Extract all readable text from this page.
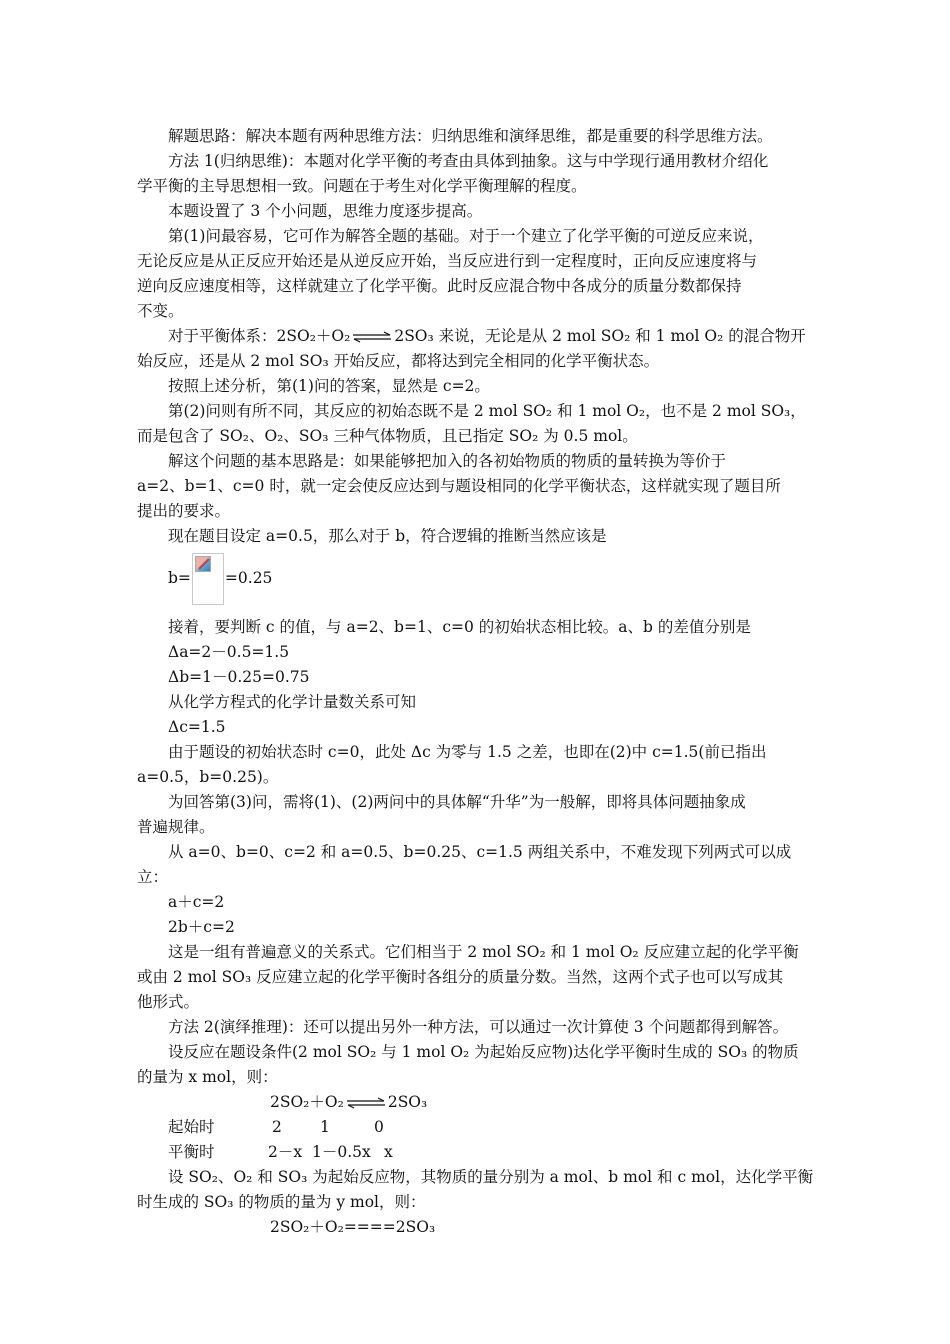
解题思路：解决本题有两种思维方法：归纳思维和演绎思维，都是重要的科学思维方法。

方法 1(归纳思维)：本题对化学平衡的考查由具体到抽象。这与中学现行通用教材介绍化

学平衡的主导思想相一致。问题在于考生对化学平衡理解的程度。

本题设置了 3 个小问题，思维力度逐步提高。

第(1)问最容易，它可作为解答全题的基础。对于一个建立了化学平衡的可逆反应来说，

无论反应是从正反应开始还是从逆反应开始，当反应进行到一定程度时，正向反应速度将与

逆向反应速度相等，这样就建立了化学平衡。此时反应混合物中各成分的质量分数都保持

不变。

对于平衡体系：2SO₂＋O₂ ⇌ 2SO₃ 来说，无论是从 2 mol SO₂ 和 1 mol O₂ 的混合物开

始反应，还是从 2 mol SO₃ 开始反应，都将达到完全相同的化学平衡状态。

按照上述分析，第(1)问的答案，显然是 c=2。

第(2)问则有所不同，其反应的初始态既不是 2 mol SO₂ 和 1 mol O₂，也不是 2 mol SO₃，

而是包含了 SO₂、O₂、SO₃ 三种气体物质，且已指定 SO₂ 为 0.5 mol。

解这个问题的基本思路是：如果能够把加入的各初始物质的物质的量转换为等价于

a=2、b=1、c=0 时，就一定会使反应达到与题设相同的化学平衡状态，这样就实现了题目所

提出的要求。

现在题目设定 a=0.5，那么对于 b，符合逻辑的推断当然应该是

b= =0.25

接着，要判断 c 的值，与 a=2、b=1、c=0 的初始状态相比较。a、b 的差值分别是

Δa=2－0.5=1.5

Δb=1－0.25=0.75

从化学方程式的化学计量数关系可知

Δc=1.5

由于题设的初始状态时 c=0，此处 Δc 为零与 1.5 之差，也即在(2)中 c=1.5(前已指出

a=0.5，b=0.25)。

为回答第(3)问，需将(1)、(2)两问中的具体解“升华”为一般解，即将具体问题抽象成

普遍规律。

从 a=0、b=0、c=2 和 a=0.5、b=0.25、c=1.5 两组关系中，不难发现下列两式可以成立：

a＋c=2

2b＋c=2

这是一组有普遍意义的关系式。它们相当于 2 mol SO₂ 和 1 mol O₂ 反应建立起的化学平衡

或由 2 mol SO₃ 反应建立起的化学平衡时各组分的质量分数。当然，这两个式子也可以写成其

他形式。

方法 2(演绎推理)：还可以提出另外一种方法，可以通过一次计算使 3 个问题都得到解答。

设反应在题设条件(2 mol SO₂ 与 1 mol O₂ 为起始反应物)达化学平衡时生成的 SO₃ 的物质

的量为 x mol，则：

2SO₂＋O₂ ⇌ 2SO₃

起始时	2	1	0
平衡时	2－x 1－0.5x x

设 SO₂、O₂ 和 SO₃ 为起始反应物，其物质的量分别为 a mol、b mol 和 c mol，达化学平衡

时生成的 SO₃ 的物质的量为 y mol，则：

2SO₂＋O₂====2SO₃
